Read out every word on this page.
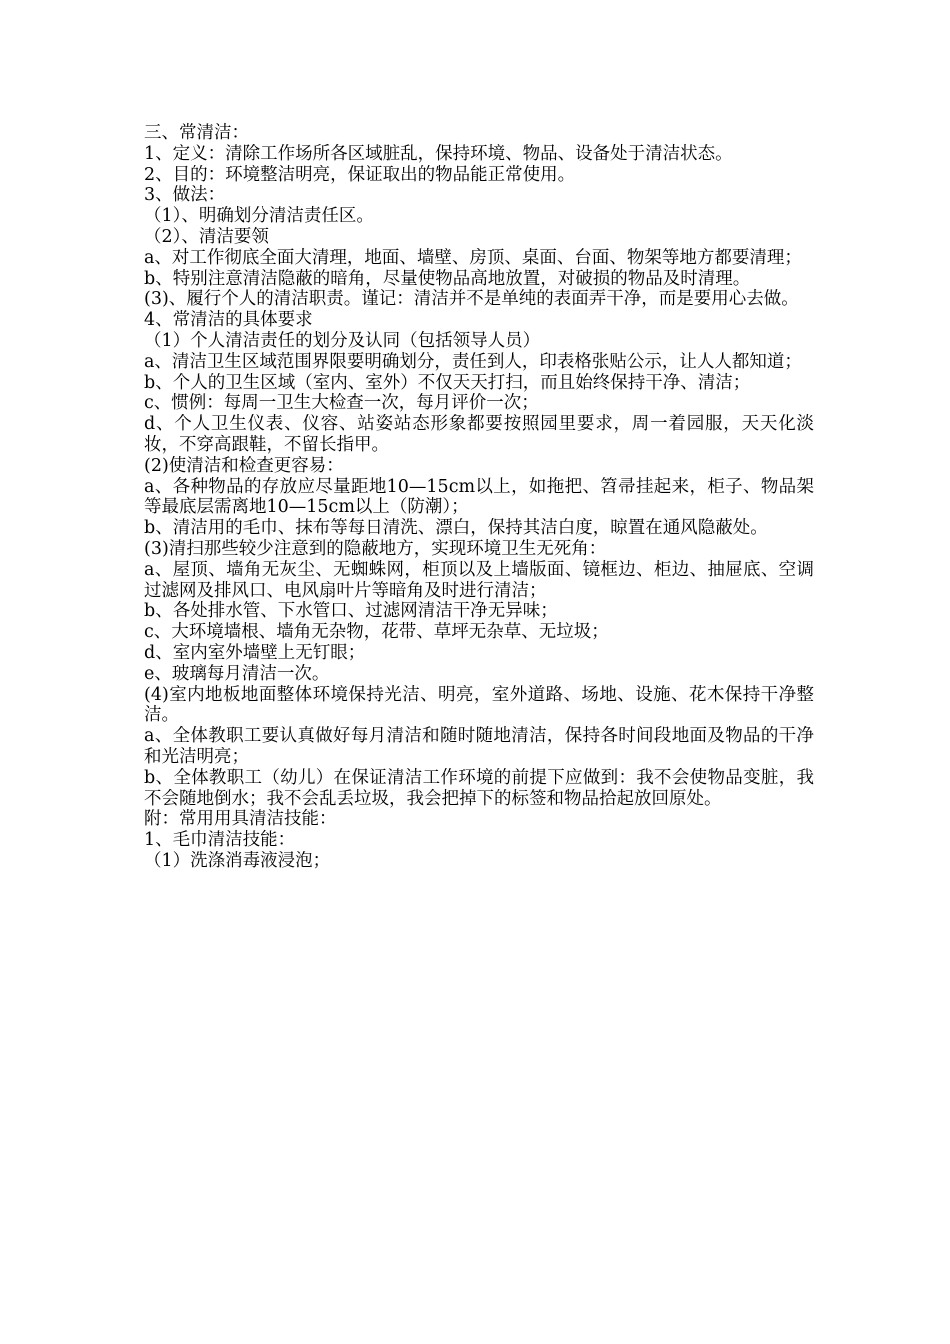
三、常清洁：
1、定义：清除工作场所各区域脏乱，保持环境、物品、设备处于清洁状态。
2、目的：环境整洁明亮，保证取出的物品能正常使用。
3、做法：
（1）、明确划分清洁责任区。
（2）、清洁要领
a、对工作彻底全面大清理，地面、墙壁、房顶、桌面、台面、物架等地方都要清理；
b、特别注意清洁隐蔽的暗角，尽量使物品高地放置，对破损的物品及时清理。
(3)、履行个人的清洁职责。谨记：清洁并不是单纯的表面弄干净，而是要用心去做。
4、常清洁的具体要求
（1）个人清洁责任的划分及认同（包括领导人员）
a、清洁卫生区域范围界限要明确划分，责任到人，印表格张贴公示，让人人都知道；
b、个人的卫生区域（室内、室外）不仅天天打扫，而且始终保持干净、清洁；
c、惯例：每周一卫生大检查一次，每月评价一次；
d、个人卫生仪表、仪容、站姿站态形象都要按照园里要求，周一着园服，天天化淡妆，不穿高跟鞋，不留长指甲。
(2)使清洁和检查更容易：
a、各种物品的存放应尽量距地10—15cm以上，如拖把、笤帚挂起来，柜子、物品架等最底层需离地10—15cm以上（防潮）；
b、清洁用的毛巾、抹布等每日清洗、漂白，保持其洁白度，晾置在通风隐蔽处。
(3)清扫那些较少注意到的隐蔽地方，实现环境卫生无死角：
a、屋顶、墙角无灰尘、无蜘蛛网，柜顶以及上墙版面、镜框边、柜边、抽屉底、空调过滤网及排风口、电风扇叶片等暗角及时进行清洁；
b、各处排水管、下水管口、过滤网清洁干净无异味；
c、大环境墙根、墙角无杂物，花带、草坪无杂草、无垃圾；
d、室内室外墙壁上无钉眼；
e、玻璃每月清洁一次。
(4)室内地板地面整体环境保持光洁、明亮，室外道路、场地、设施、花木保持干净整洁。
a、全体教职工要认真做好每月清洁和随时随地清洁，保持各时间段地面及物品的干净和光洁明亮；
b、全体教职工（幼儿）在保证清洁工作环境的前提下应做到：我不会使物品变脏，我不会随地倒水；我不会乱丢垃圾，我会把掉下的标签和物品拾起放回原处。
附：常用用具清洁技能：
1、毛巾清洁技能：
（1）洗涤消毒液浸泡；
